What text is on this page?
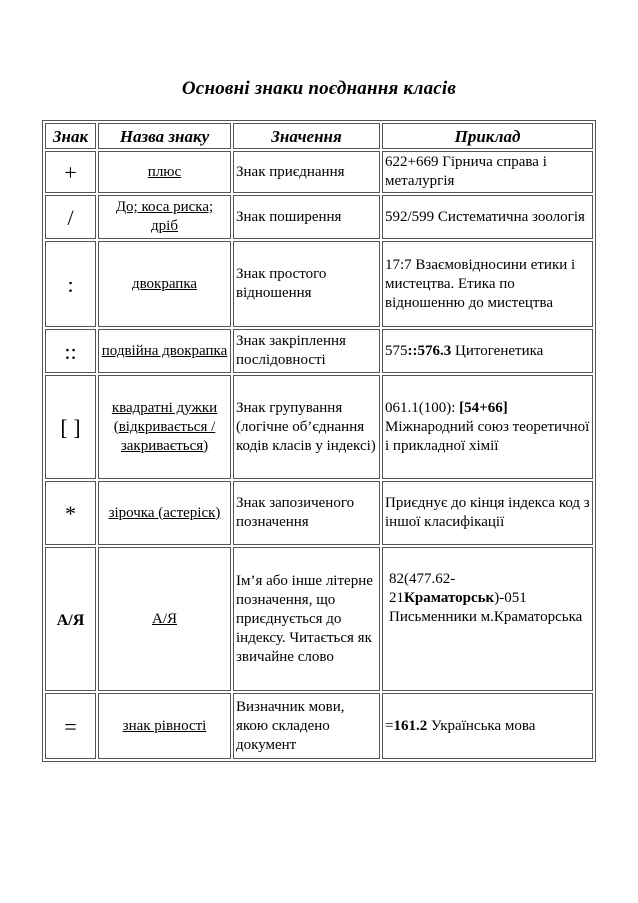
Основні знаки поєднання класів
Знак	Назва знаку	Значення	Приклад
+	плюс	Знак приєднання	622+669 Гірнича справа і металургія
/	До; коса риска; дріб	Знак поширення	592/599 Систематична зоологія
:	двокрапка	Знак простого відношення	17:7 Взаємовідносини етики і мистецтва. Етика по відношенню до мистецтва
::	подвійна двокрапка	Знак закріплення послідовності	575::576.3 Цитогенетика
[ ]	квадратні дужки (відкривається /закривається)	Знак групування (логічне об’єднання кодів класів у індексі)	061.1(100): [54+66] Міжнародний союз теоретичної і прикладної хімії
*	зірочка (астеріск)	Знак запозиченого позначення	Приєднує до кінця індекса код з іншої класифікації
А/Я	А/Я	Ім’я або інше літерне позначення, що приєднується до індексу. Читається як звичайне слово	82(477.62-21Краматорськ)-051 Письменники м.Краматорська
=	знак рівності	Визначник мови, якою складено документ	=161.2 Українська мова
